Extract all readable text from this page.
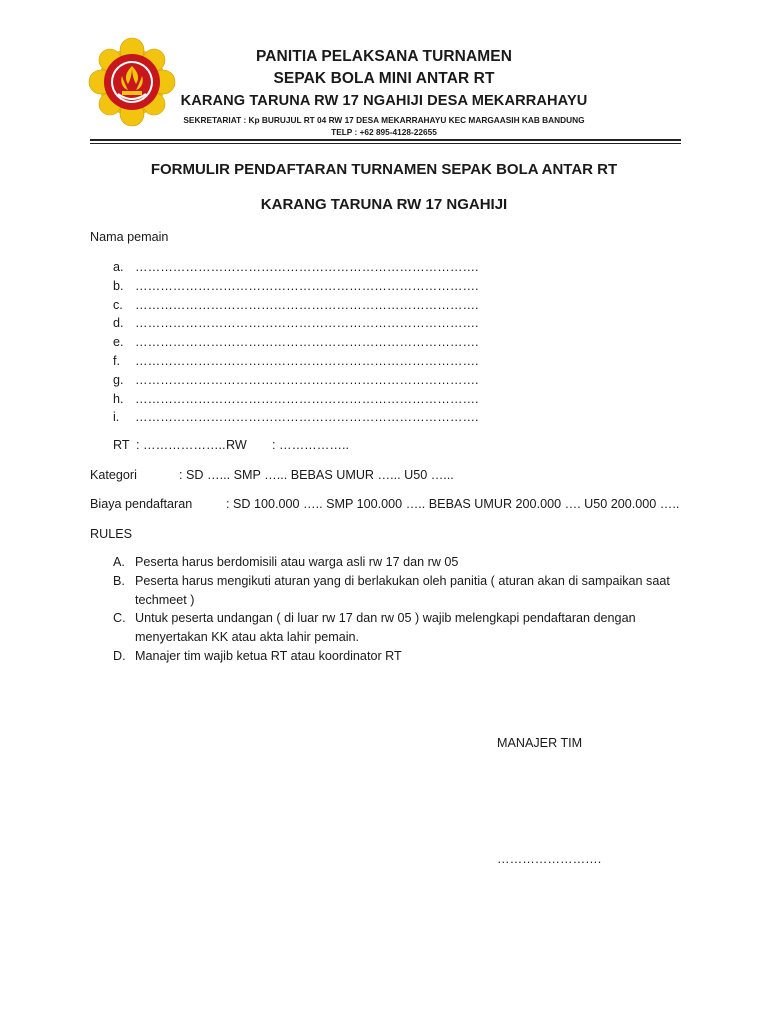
PANITIA PELAKSANA TURNAMEN
SEPAK BOLA MINI ANTAR RT
KARANG TARUNA RW 17 NGAHIJI DESA MEKARRAHAYU
SEKRETARIAT : Kp BURUJUL RT 04 RW 17 DESA MEKARRAHAYU KEC MARGAASIH KAB BANDUNG
TELP : +62 895-4128-22655
FORMULIR PENDAFTARAN TURNAMEN SEPAK BOLA ANTAR RT
KARANG TARUNA RW 17 NGAHIJI
Nama pemain
a. ……………………………………………………………………….
b. ……………………………………………………………………….
c. ……………………………………………………………………….
d. ……………………………………………………………………….
e. ……………………………………………………………………….
f. ……………………………………………………………………….
g. ……………………………………………………………………….
h. ……………………………………………………………………….
i. ……………………………………………………………………….
RT : ……………….. RW : ……………..
Kategori	: SD …... SMP …... BEBAS UMUR …... U50 …...
Biaya pendaftaran	: SD 100.000 ….. SMP 100.000 ….. BEBAS UMUR 200.000 …. U50 200.000 …..
RULES
A. Peserta harus berdomisili atau warga asli rw 17 dan rw 05
B. Peserta harus mengikuti aturan yang di berlakukan oleh panitia ( aturan akan di sampaikan saat techmeet )
C. Untuk peserta undangan ( di luar rw 17 dan rw 05 ) wajib melengkapi pendaftaran dengan menyertakan KK atau akta lahir pemain.
D. Manajer tim wajib ketua RT atau koordinator RT
MANAJER TIM
…………………….
